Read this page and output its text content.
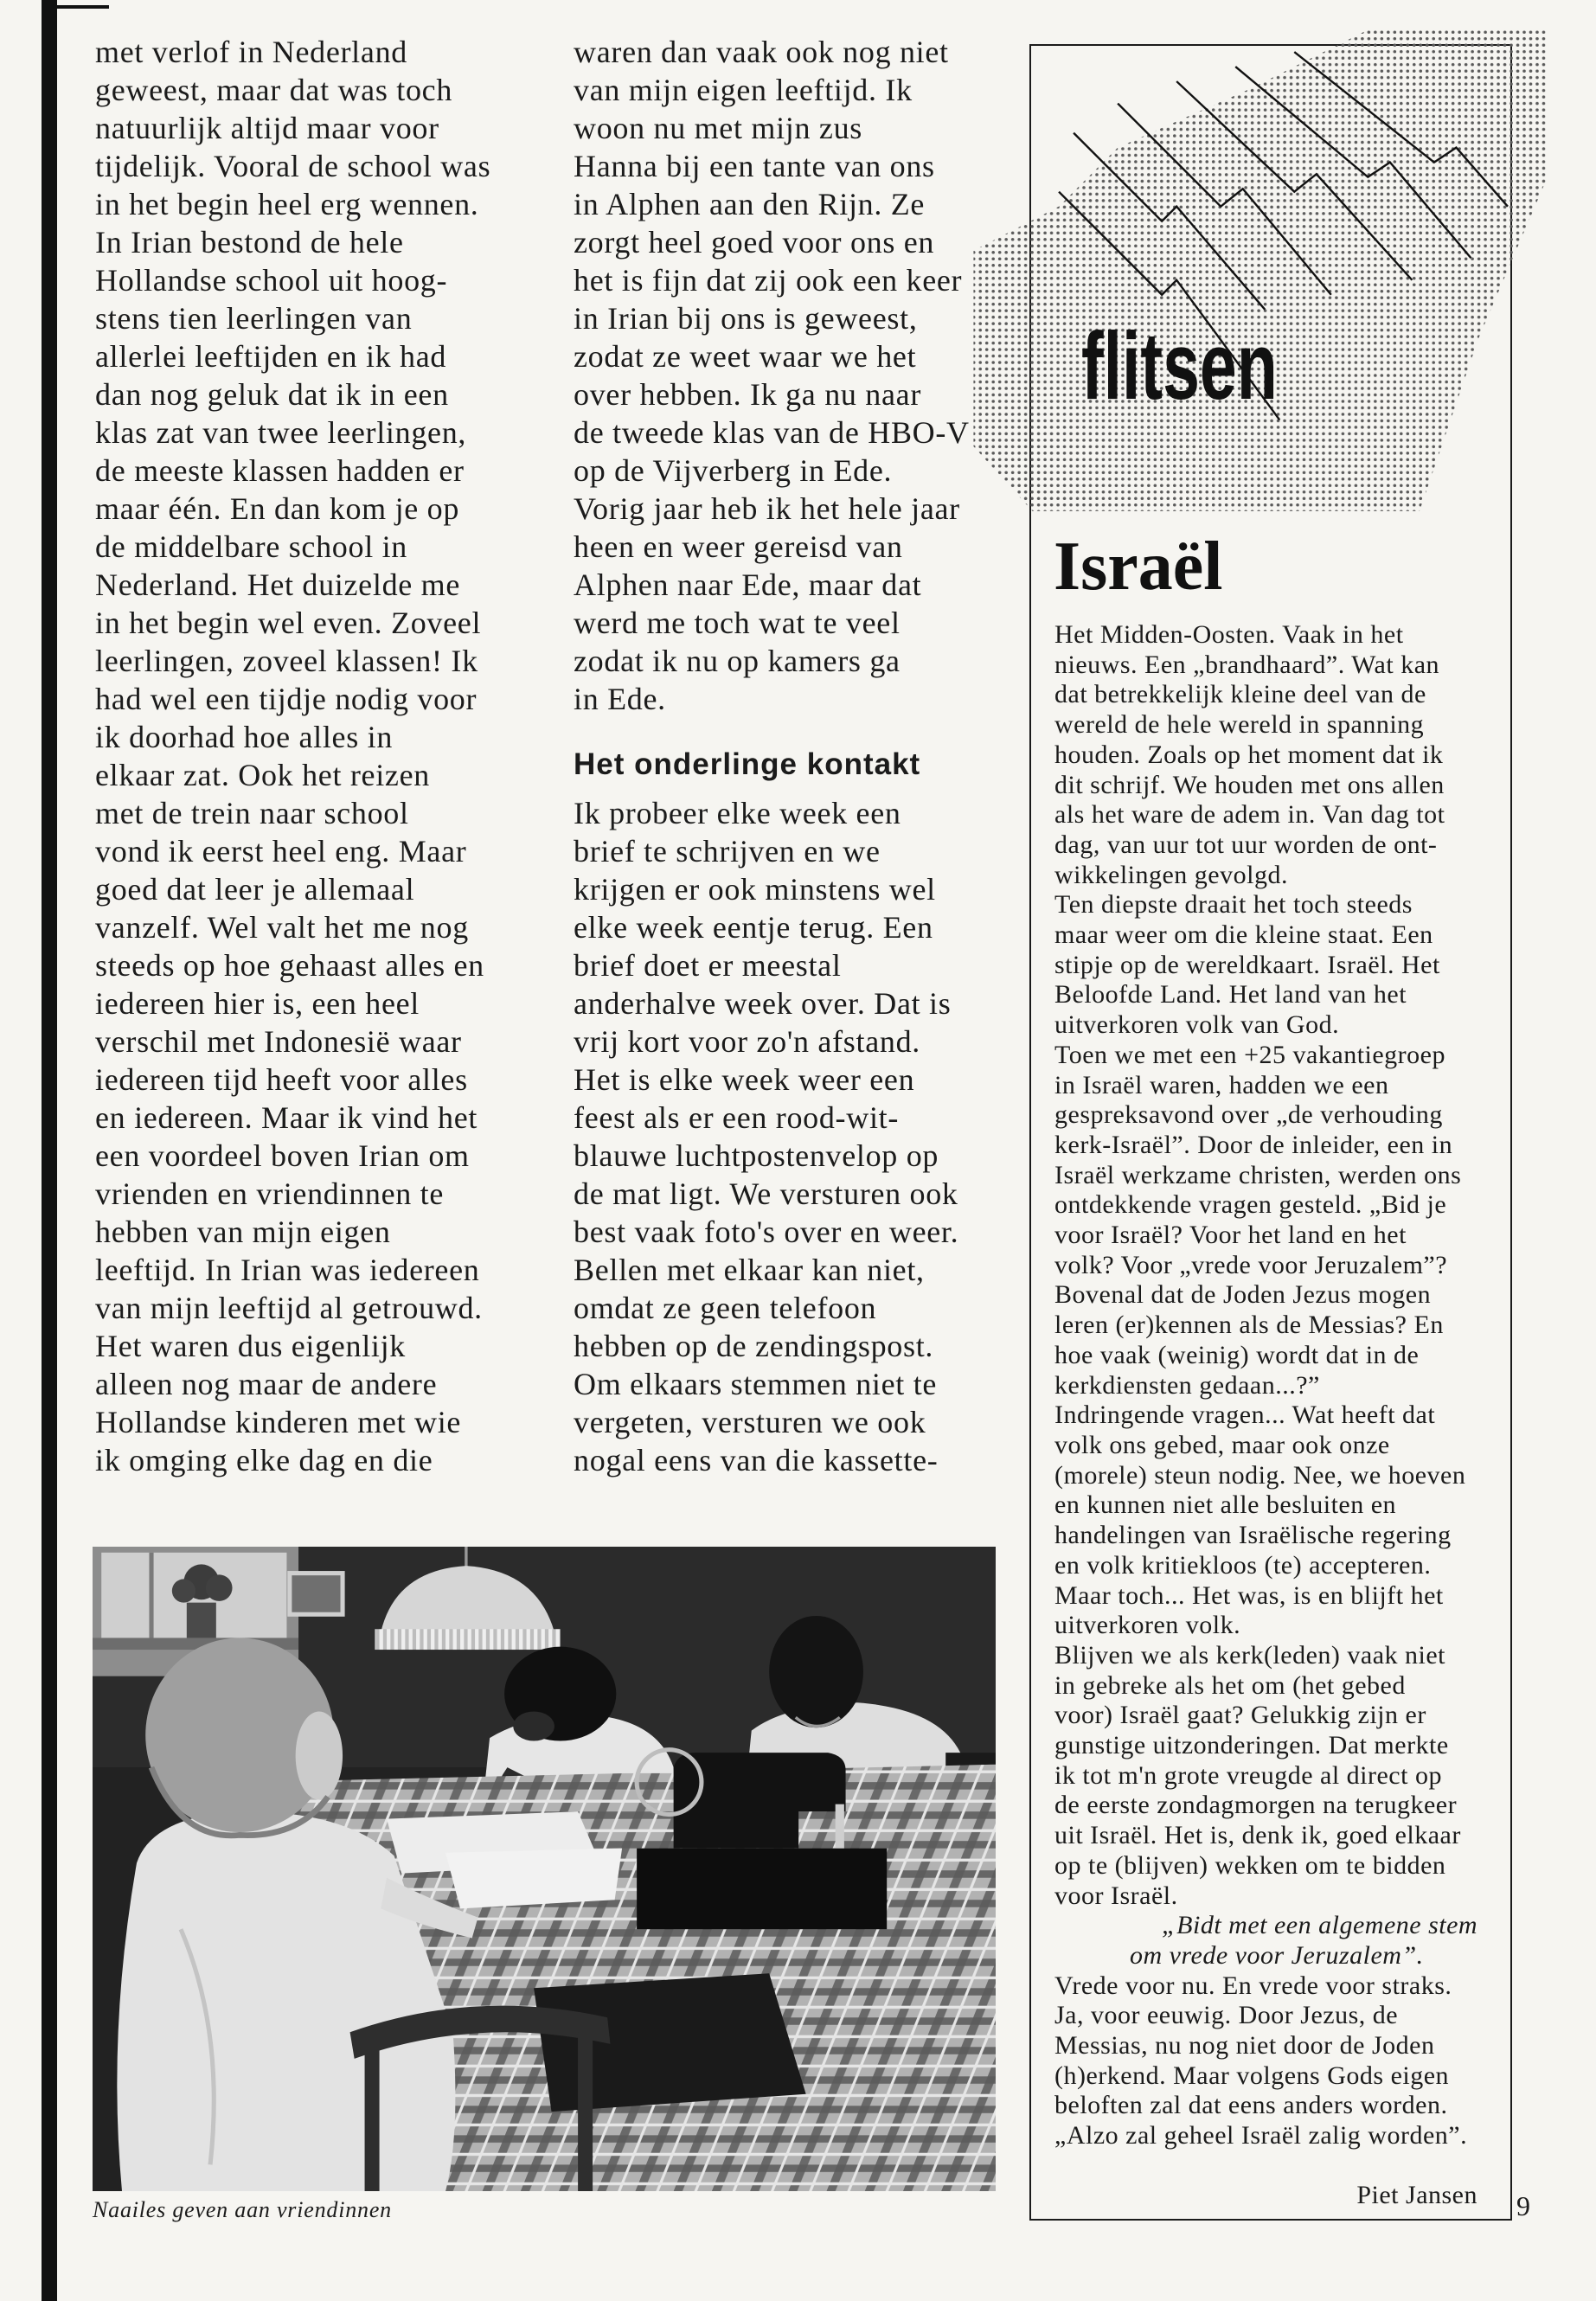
met verlof in Nederland
geweest, maar dat was toch
natuurlijk altijd maar voor
tijdelijk. Vooral de school was
in het begin heel erg wennen.
In Irian bestond de hele
Hollandse school uit hoog-
stens tien leerlingen van
allerlei leeftijden en ik had
dan nog geluk dat ik in een
klas zat van twee leerlingen,
de meeste klassen hadden er
maar één. En dan kom je op
de middelbare school in
Nederland. Het duizelde me
in het begin wel even. Zoveel
leerlingen, zoveel klassen! Ik
had wel een tijdje nodig voor
ik doorhad hoe alles in
elkaar zat. Ook het reizen
met de trein naar school
vond ik eerst heel eng. Maar
goed dat leer je allemaal
vanzelf. Wel valt het me nog
steeds op hoe gehaast alles en
iedereen hier is, een heel
verschil met Indonesië waar
iedereen tijd heeft voor alles
en iedereen. Maar ik vind het
een voordeel boven Irian om
vrienden en vriendinnen te
hebben van mijn eigen
leeftijd. In Irian was iedereen
van mijn leeftijd al getrouwd.
Het waren dus eigenlijk
alleen nog maar de andere
Hollandse kinderen met wie
ik omging elke dag en die
waren dan vaak ook nog niet
van mijn eigen leeftijd. Ik
woon nu met mijn zus
Hanna bij een tante van ons
in Alphen aan den Rijn. Ze
zorgt heel goed voor ons en
het is fijn dat zij ook een keer
in Irian bij ons is geweest,
zodat ze weet waar we het
over hebben. Ik ga nu naar
de tweede klas van de HBO-V
op de Vijverberg in Ede.
Vorig jaar heb ik het hele jaar
heen en weer gereisd van
Alphen naar Ede, maar dat
werd me toch wat te veel
zodat ik nu op kamers ga
in Ede.
Het onderlinge kontakt
Ik probeer elke week een
brief te schrijven en we
krijgen er ook minstens wel
elke week eentje terug. Een
brief doet er meestal
anderhalve week over. Dat is
vrij kort voor zo'n afstand.
Het is elke week weer een
feest als er een rood-wit-
blauwe luchtpostenvelop op
de mat ligt. We versturen ook
best vaak foto's over en weer.
Bellen met elkaar kan niet,
omdat ze geen telefoon
hebben op de zendingspost.
Om elkaars stemmen niet te
vergeten, versturen we ook
nogal eens van die kassette-
flitsen
Israël
Het Midden-Oosten. Vaak in het
nieuws. Een „brandhaard”. Wat kan
dat betrekkelijk kleine deel van de
wereld de hele wereld in spanning
houden. Zoals op het moment dat ik
dit schrijf. We houden met ons allen
als het ware de adem in. Van dag tot
dag, van uur tot uur worden de ont-
wikkelingen gevolgd.
Ten diepste draait het toch steeds
maar weer om die kleine staat. Een
stipje op de wereldkaart. Israël. Het
Beloofde Land. Het land van het
uitverkoren volk van God.
Toen we met een +25 vakantiegroep
in Israël waren, hadden we een
gespreksavond over „de verhouding
kerk-Israël”. Door de inleider, een in
Israël werkzame christen, werden ons
ontdekkende vragen gesteld. „Bid je
voor Israël? Voor het land en het
volk? Voor „vrede voor Jeruzalem”?
Bovenal dat de Joden Jezus mogen
leren (er)kennen als de Messias? En
hoe vaak (weinig) wordt dat in de
kerkdiensten gedaan...?”
Indringende vragen... Wat heeft dat
volk ons gebed, maar ook onze
(morele) steun nodig. Nee, we hoeven
en kunnen niet alle besluiten en
handelingen van Israëlische regering
en volk kritiekloos (te) accepteren.
Maar toch... Het was, is en blijft het
uitverkoren volk.
Blijven we als kerk(leden) vaak niet
in gebreke als het om (het gebed
voor) Israël gaat? Gelukkig zijn er
gunstige uitzonderingen. Dat merkte
ik tot m'n grote vreugde al direct op
de eerste zondagmorgen na terugkeer
uit Israël. Het is, denk ik, goed elkaar
op te (blijven) wekken om te bidden
voor Israël.
„Bidt met een algemene stem
om vrede voor Jeruzalem”.
Vrede voor nu. En vrede voor straks.
Ja, voor eeuwig. Door Jezus, de
Messias, nu nog niet door de Joden
(h)erkend. Maar volgens Gods eigen
beloften zal dat eens anders worden.
„Alzo zal geheel Israël zalig worden”.
Piet Jansen 9
Naailes geven aan vriendinnen
